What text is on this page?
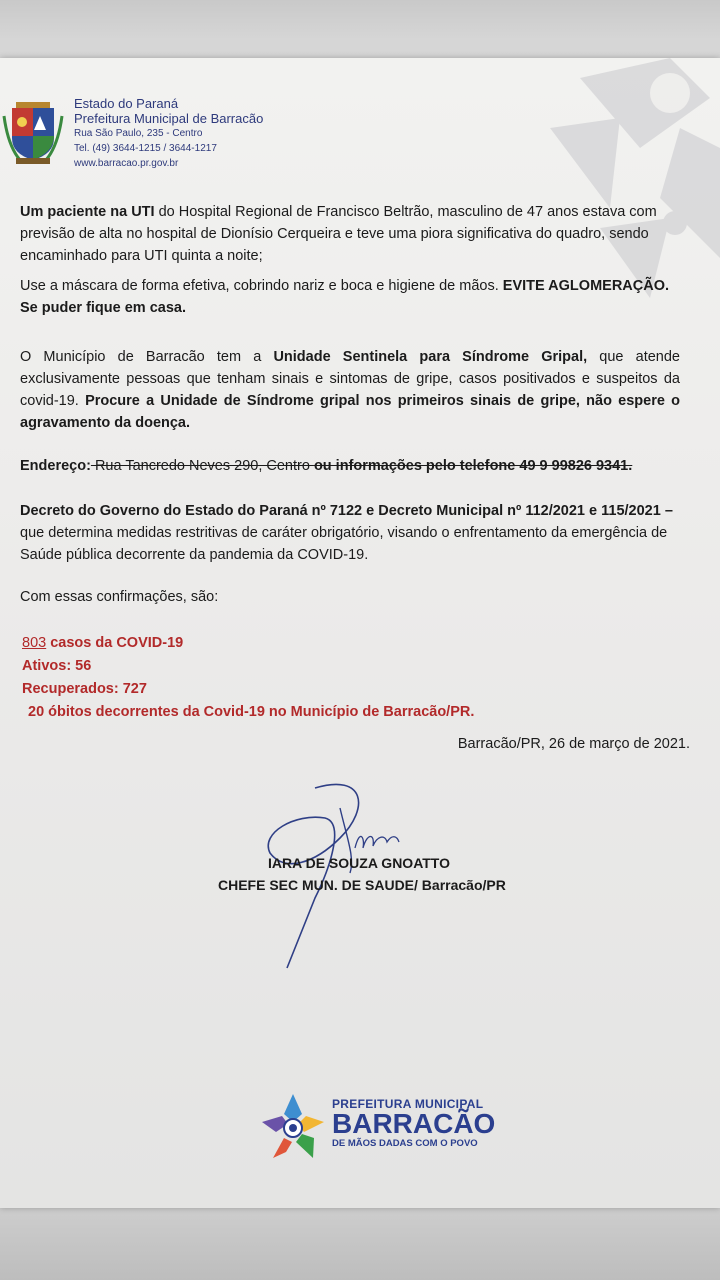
Estado do Paraná
Prefeitura Municipal de Barracão
Rua São Paulo, 235 - Centro
Tel. (49) 3644-1215 / 3644-1217
www.barracao.pr.gov.br
Um paciente na UTI do Hospital Regional de Francisco Beltrão, masculino de 47 anos estava com previsão de alta no hospital de Dionísio Cerqueira e teve uma piora significativa do quadro, sendo encaminhado para UTI quinta a noite;
Use a máscara de forma efetiva, cobrindo nariz e boca e higiene de mãos. EVITE AGLOMERAÇÃO. Se puder fique em casa.
O Município de Barracão tem a Unidade Sentinela para Síndrome Gripal, que atende exclusivamente pessoas que tenham sinais e sintomas de gripe, casos positivados e suspeitos da covid-19. Procure a Unidade de Síndrome gripal nos primeiros sinais de gripe, não espere o agravamento da doença.
Endereço: Rua Tancredo Neves 290, Centro ou informações pelo telefone 49 9 99826 9341.
Decreto do Governo do Estado do Paraná nº 7122 e Decreto Municipal nº 112/2021 e 115/2021 – que determina medidas restritivas de caráter obrigatório, visando o enfrentamento da emergência de Saúde pública decorrente da pandemia da COVID-19.
Com essas confirmações, são:
803 casos da COVID-19
Ativos: 56
Recuperados: 727
20 óbitos decorrentes da Covid-19 no Município de Barracão/PR.
Barracão/PR, 26 de março de 2021.
IARA DE SOUZA GNOATTO
CHEFE SEC MUN. DE SAUDE/ Barracão/PR
PREFEITURA MUNICIPAL
BARRACÃO
DE MÃOS DADAS COM O POVO
